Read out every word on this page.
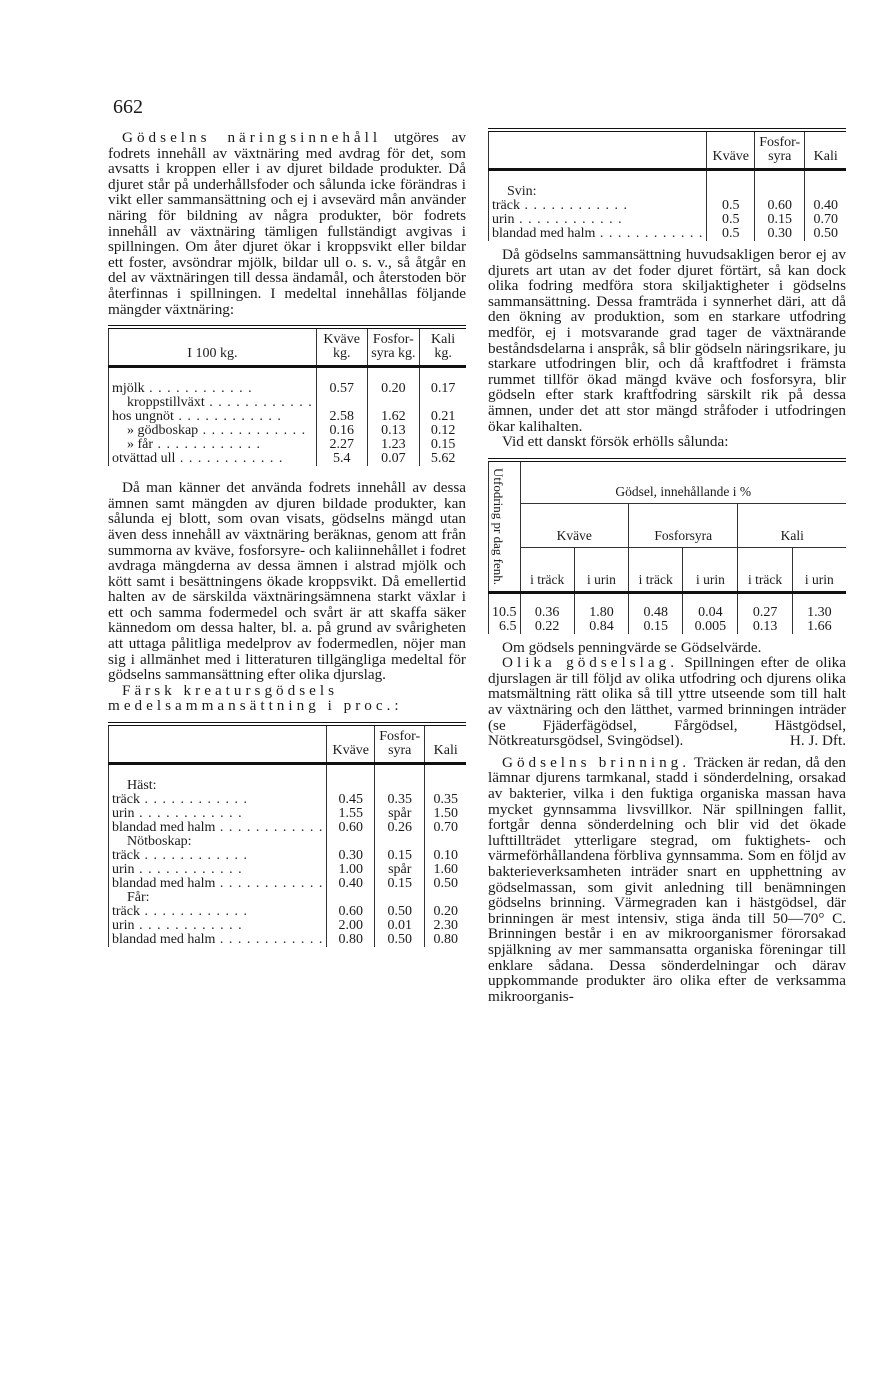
662

Gödselns näringsinnehåll utgöres av fodrets innehåll av växtnäring med avdrag för det, som avsatts i kroppen eller i av djuret bildade produkter. Då djuret står på underhållsfoder och sålunda icke förändras i vikt eller sammansättning och ej i avsevärd mån använder näring för bildning av några produkter, bör fodrets innehåll av växtnäring tämligen fullständigt avgivas i spillningen. Om åter djuret ökar i kroppsvikt eller bildar ett foster, avsöndrar mjölk, bildar ull o. s. v., så åtgår en del av växtnäringen till dessa ändamål, och återstoden bör återfinnas i spillningen. I medeltal innehållas följande mängder växtnäring:

I 100 kg.	Kväve kg.	Fosfor-syra kg.	Kali kg.

mjölk . . .	0.57	0.20	0.17
kroppstillväxt . . .			
hos ungnöt . . .	2.58	1.62	0.21
» gödboskap . . .	0.16	0.13	0.12
» får . . .	2.27	1.23	0.15
otvättad ull . . .	5.4	0.07	5.62

Då man känner det använda fodrets innehåll av dessa ämnen samt mängden av djuren bildade produkter, kan sålunda ej blott, som ovan visats, gödselns mängd utan även dess innehåll av växtnäring beräknas, genom att från summorna av kväve, fosforsyre- och kaliinnehållet i fodret avdraga mängderna av dessa ämnen i alstrad mjölk och kött samt i besättningens ökade kroppsvikt. Då emellertid halten av de särskilda växtnäringsämnena starkt växlar i ett och samma fodermedel och svårt är att skaffa säker kännedom om dessa halter, bl. a. på grund av svårigheten att uttaga pålitliga medelprov av fodermedlen, nöjer man sig i allmänhet med i litteraturen tillgängliga medeltal för gödselns sammansättning efter olika djurslag.

Färsk kreatursgödsels medelsammansättning i proc.:

	Kväve	Fosfor-syra	Kali

Häst:			
träck . . .	0.45	0.35	0.35
urin . . .	1.55	spår	1.50
blandad med halm . . .	0.60	0.26	0.70
Nötboskap:			
träck . . .	0.30	0.15	0.10
urin . . .	1.00	spår	1.60
blandad med halm . . .	0.40	0.15	0.50
Får:			
träck . . .	0.60	0.50	0.20
urin . . .	2.00	0.01	2.30
blandad med halm . . .	0.80	0.50	0.80
	Kväve	Fosfor-syra	Kali

Svin:			
träck . . .	0.5	0.60	0.40
urin . . .	0.5	0.15	0.70
blandad med halm . . .	0.5	0.30	0.50

Då gödselns sammansättning huvudsakligen beror ej av djurets art utan av det foder djuret förtärt, så kan dock olika fodring medföra stora skiljaktigheter i gödselns sammansättning. Dessa framträda i synnerhet däri, att då den ökning av produktion, som en starkare utfodring medför, ej i motsvarande grad tager de växtnärande beståndsdelarna i anspråk, så blir gödseln näringsrikare, ju starkare utfodringen blir, och då kraftfodret i främsta rummet tillför ökad mängd kväve och fosforsyra, blir gödseln efter stark kraftfodring särskilt rik på dessa ämnen, under det att stor mängd stråfoder i utfodringen ökar kalihalten.

Vid ett danskt försök erhölls sålunda:

Utfodring pr dag fenh.	Gödsel, innehållande i %					
	Kväve		Fosforsyra		Kali	
	i träck	i urin	i träck	i urin	i träck	i urin

10.5	0.36	1.80	0.48	0.04	0.27	1.30
6.5	0.22	0.84	0.15	0.005	0.13	1.66

Om gödsels penningvärde se Gödselvärde.

Olika gödselslag. Spillningen efter de olika djurslagen är till följd av olika utfodring och djurens olika matsmältning rätt olika så till yttre utseende som till halt av växtnäring och den lätthet, varmed brinningen inträder (se Fjäderfägödsel, Fårgödsel, Hästgödsel, Nötkreatursgödsel, Svingödsel).	H. J. Dft.

Gödselns brinning. Träcken är redan, då den lämnar djurens tarmkanal, stadd i sönderdelning, orsakad av bakterier, vilka i den fuktiga organiska massan hava mycket gynnsamma livsvillkor. När spillningen fallit, fortgår denna sönderdelning och blir vid det ökade lufttillträdet ytterligare stegrad, om fuktighets- och värmeförhållandena förbliva gynnsamma. Som en följd av bakterieverksamheten inträder snart en upphettning av gödselmassan, som givit anledning till benämningen gödselns brinning. Värmegraden kan i hästgödsel, där brinningen är mest intensiv, stiga ända till 50—70° C. Brinningen består i en av mikroorganismer förorsakad spjälkning av mer sammansatta organiska föreningar till enklare sådana. Dessa sönderdelningar och därav uppkommande produkter äro olika efter de verksamma mikroorganis-
